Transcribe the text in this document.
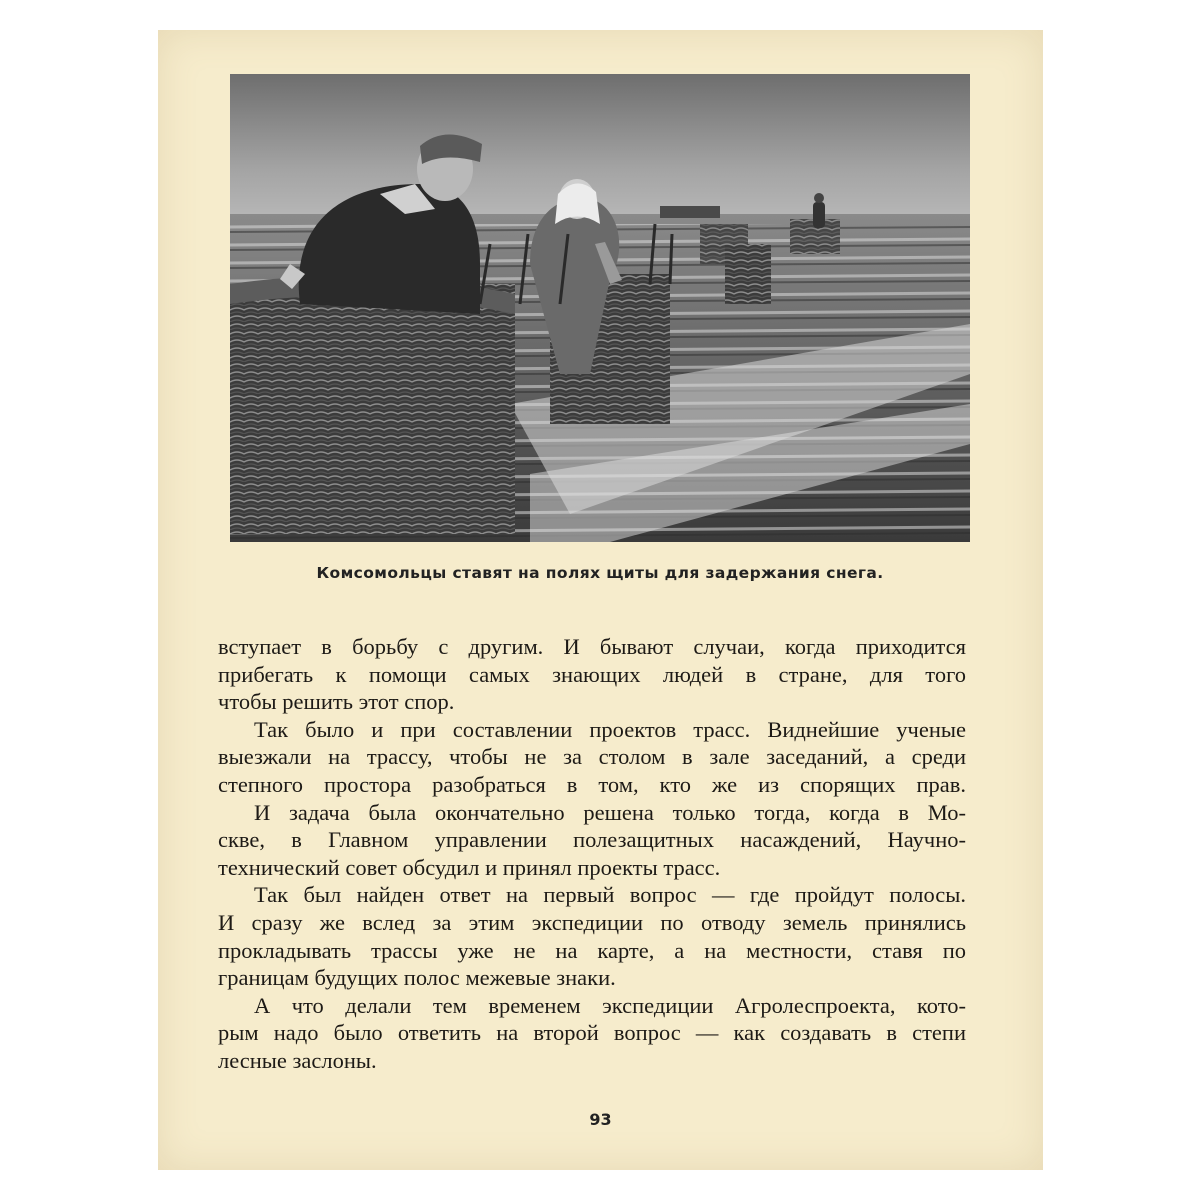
Комсомольцы ставят на полях щиты для задержания снега.
вступает в борьбу с другим. И бывают случаи, когда приходится
прибегать к помощи самых знающих людей в стране, для того
чтобы решить этот спор.
Так было и при составлении проектов трасс. Виднейшие ученые
выезжали на трассу, чтобы не за столом в зале заседаний, а среди
степного простора разобраться в том, кто же из спорящих прав.
И задача была окончательно решена только тогда, когда в Мо-
скве, в Главном управлении полезащитных насаждений, Научно-
технический совет обсудил и принял проекты трасс.
Так был найден ответ на первый вопрос — где пройдут полосы.
И сразу же вслед за этим экспедиции по отводу земель принялись
прокладывать трассы уже не на карте, а на местности, ставя по
границам будущих полос межевые знаки.
А что делали тем временем экспедиции Агролеспроекта, кото-
рым надо было ответить на второй вопрос — как создавать в степи
лесные заслоны.
93
